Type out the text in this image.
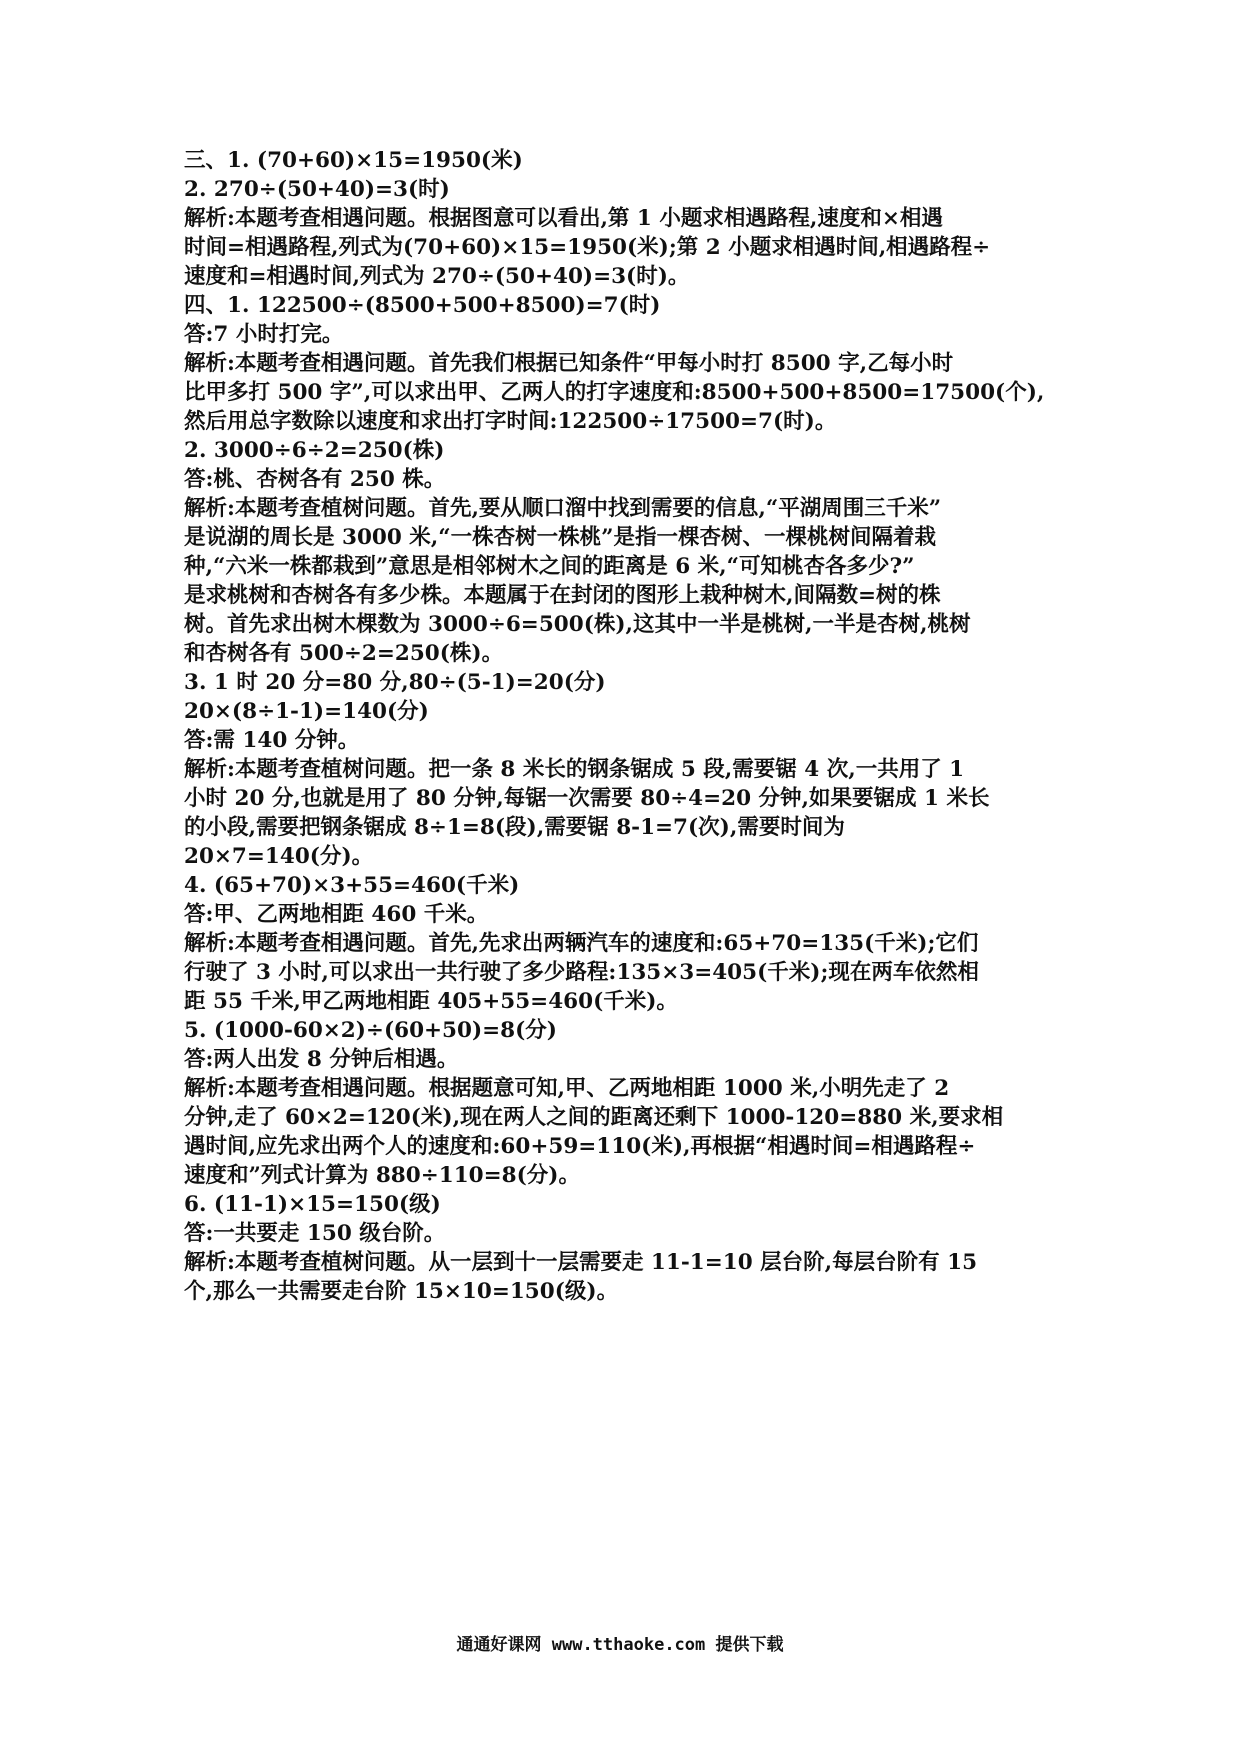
三、1. (70+60)×15=1950(米)
2. 270÷(50+40)=3(时)
解析:本题考查相遇问题。根据图意可以看出,第 1 小题求相遇路程,速度和×相遇
时间=相遇路程,列式为(70+60)×15=1950(米);第 2 小题求相遇时间,相遇路程÷
速度和=相遇时间,列式为 270÷(50+40)=3(时)。
四、1. 122500÷(8500+500+8500)=7(时)
答:7 小时打完。
解析:本题考查相遇问题。首先我们根据已知条件“甲每小时打 8500 字,乙每小时
比甲多打 500 字”,可以求出甲、乙两人的打字速度和:8500+500+8500=17500(个),
然后用总字数除以速度和求出打字时间:122500÷17500=7(时)。
2. 3000÷6÷2=250(株)
答:桃、杏树各有 250 株。
解析:本题考查植树问题。首先,要从顺口溜中找到需要的信息,“平湖周围三千米”
是说湖的周长是 3000 米,“一株杏树一株桃”是指一棵杏树、一棵桃树间隔着栽
种,“六米一株都栽到”意思是相邻树木之间的距离是 6 米,“可知桃杏各多少?”
是求桃树和杏树各有多少株。本题属于在封闭的图形上栽种树木,间隔数=树的株
树。首先求出树木棵数为 3000÷6=500(株),这其中一半是桃树,一半是杏树,桃树
和杏树各有 500÷2=250(株)。
3. 1 时 20 分=80 分,80÷(5-1)=20(分)
20×(8÷1-1)=140(分)
答:需 140 分钟。
解析:本题考查植树问题。把一条 8 米长的钢条锯成 5 段,需要锯 4 次,一共用了 1
小时 20 分,也就是用了 80 分钟,每锯一次需要 80÷4=20 分钟,如果要锯成 1 米长
的小段,需要把钢条锯成 8÷1=8(段),需要锯 8-1=7(次),需要时间为
20×7=140(分)。
4. (65+70)×3+55=460(千米)
答:甲、乙两地相距 460 千米。
解析:本题考查相遇问题。首先,先求出两辆汽车的速度和:65+70=135(千米);它们
行驶了 3 小时,可以求出一共行驶了多少路程:135×3=405(千米);现在两车依然相
距 55 千米,甲乙两地相距 405+55=460(千米)。
5. (1000-60×2)÷(60+50)=8(分)
答:两人出发 8 分钟后相遇。
解析:本题考查相遇问题。根据题意可知,甲、乙两地相距 1000 米,小明先走了 2
分钟,走了 60×2=120(米),现在两人之间的距离还剩下 1000-120=880 米,要求相
遇时间,应先求出两个人的速度和:60+59=110(米),再根据“相遇时间=相遇路程÷
速度和”列式计算为 880÷110=8(分)。
6. (11-1)×15=150(级)
答:一共要走 150 级台阶。
解析:本题考查植树问题。从一层到十一层需要走 11-1=10 层台阶,每层台阶有 15
个,那么一共需要走台阶 15×10=150(级)。
通通好课网 www.tthaoke.com 提供下载
